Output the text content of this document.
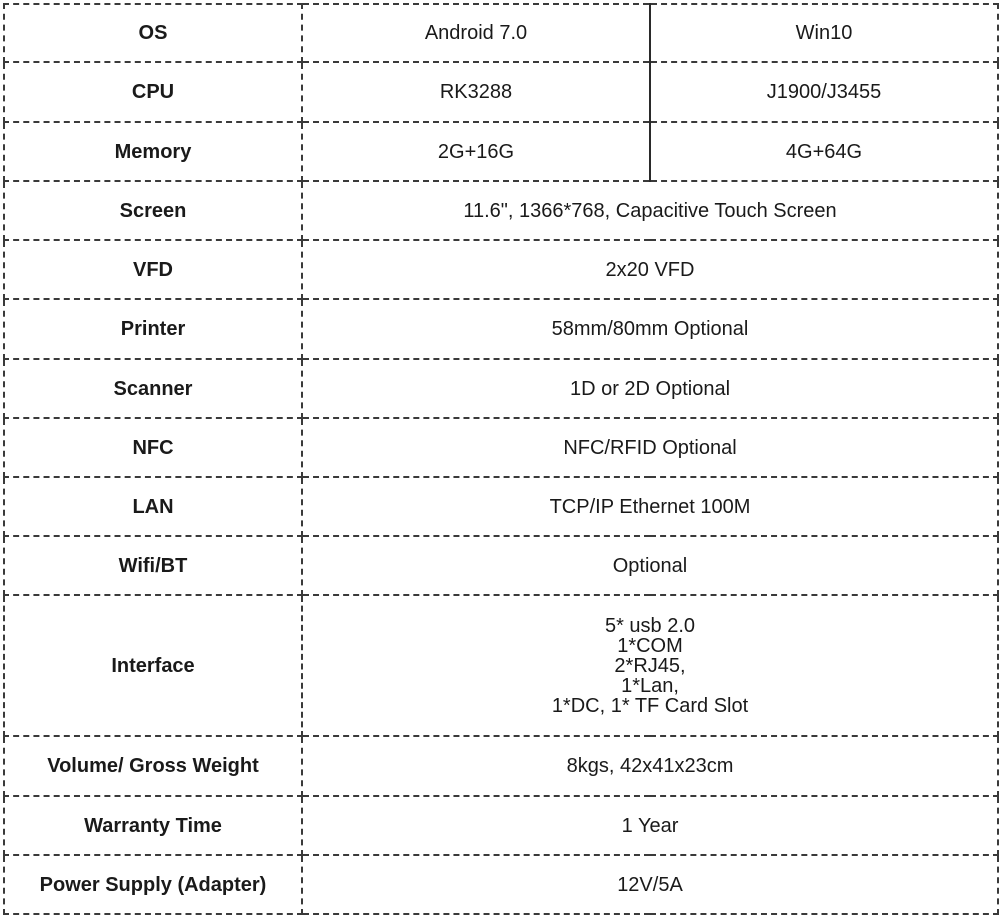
OS	Android 7.0	Win10
CPU	RK3288	J1900/J3455
Memory	2G+16G	4G+64G
Screen	11.6", 1366*768, Capacitive Touch Screen	
VFD	2x20 VFD	
Printer	58mm/80mm Optional	
Scanner	1D or 2D Optional	
NFC	NFC/RFID Optional	
LAN	TCP/IP Ethernet 100M	
Wifi/BT	Optional	
Interface	5* usb 2.0
1*COM
2*RJ45,
1*Lan,
1*DC, 1* TF Card Slot	

Volume/ Gross Weight	8kgs, 42x41x23cm	
Warranty Time	1 Year	
Power Supply (Adapter)	12V/5A	
